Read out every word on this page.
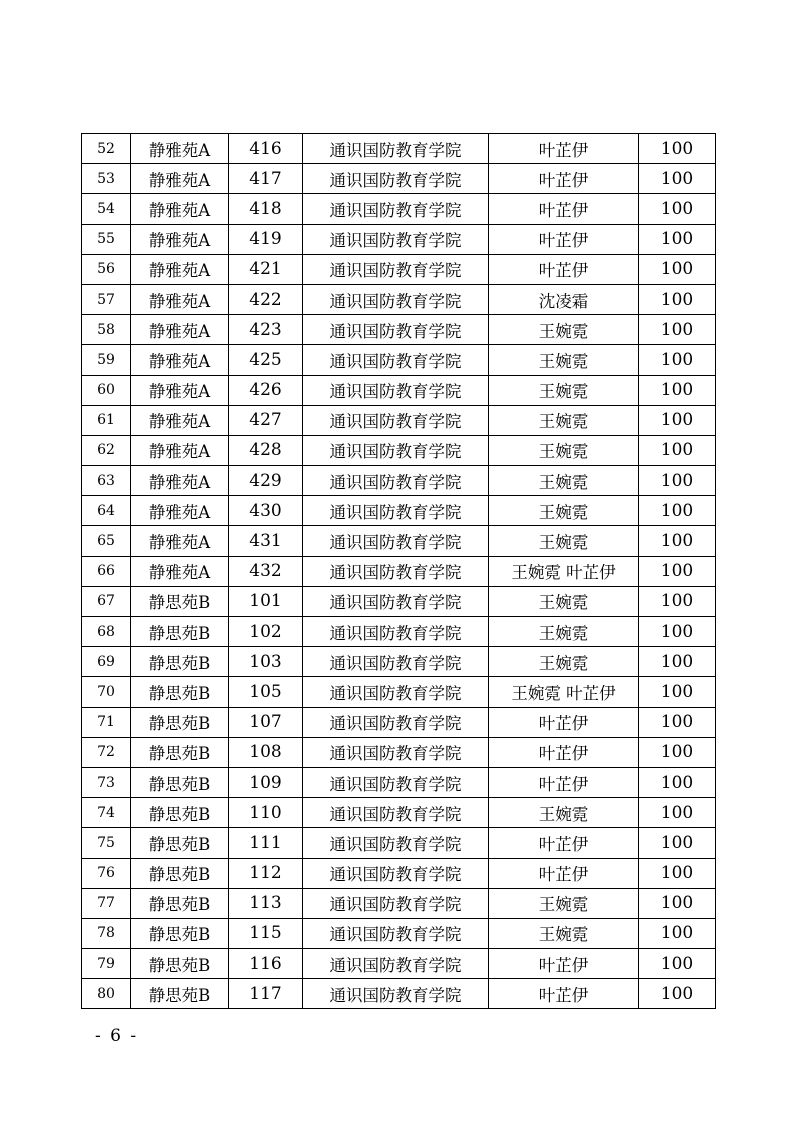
52	静雅苑A	416	通识国防教育学院	叶芷伊	100
53	静雅苑A	417	通识国防教育学院	叶芷伊	100
54	静雅苑A	418	通识国防教育学院	叶芷伊	100
55	静雅苑A	419	通识国防教育学院	叶芷伊	100
56	静雅苑A	421	通识国防教育学院	叶芷伊	100
57	静雅苑A	422	通识国防教育学院	沈凌霜	100
58	静雅苑A	423	通识国防教育学院	王婉霓	100
59	静雅苑A	425	通识国防教育学院	王婉霓	100
60	静雅苑A	426	通识国防教育学院	王婉霓	100
61	静雅苑A	427	通识国防教育学院	王婉霓	100
62	静雅苑A	428	通识国防教育学院	王婉霓	100
63	静雅苑A	429	通识国防教育学院	王婉霓	100
64	静雅苑A	430	通识国防教育学院	王婉霓	100
65	静雅苑A	431	通识国防教育学院	王婉霓	100
66	静雅苑A	432	通识国防教育学院	王婉霓 叶芷伊	100
67	静思苑B	101	通识国防教育学院	王婉霓	100
68	静思苑B	102	通识国防教育学院	王婉霓	100
69	静思苑B	103	通识国防教育学院	王婉霓	100
70	静思苑B	105	通识国防教育学院	王婉霓 叶芷伊	100
71	静思苑B	107	通识国防教育学院	叶芷伊	100
72	静思苑B	108	通识国防教育学院	叶芷伊	100
73	静思苑B	109	通识国防教育学院	叶芷伊	100
74	静思苑B	110	通识国防教育学院	王婉霓	100
75	静思苑B	111	通识国防教育学院	叶芷伊	100
76	静思苑B	112	通识国防教育学院	叶芷伊	100
77	静思苑B	113	通识国防教育学院	王婉霓	100
78	静思苑B	115	通识国防教育学院	王婉霓	100
79	静思苑B	116	通识国防教育学院	叶芷伊	100
80	静思苑B	117	通识国防教育学院	叶芷伊	100
- 6 -
